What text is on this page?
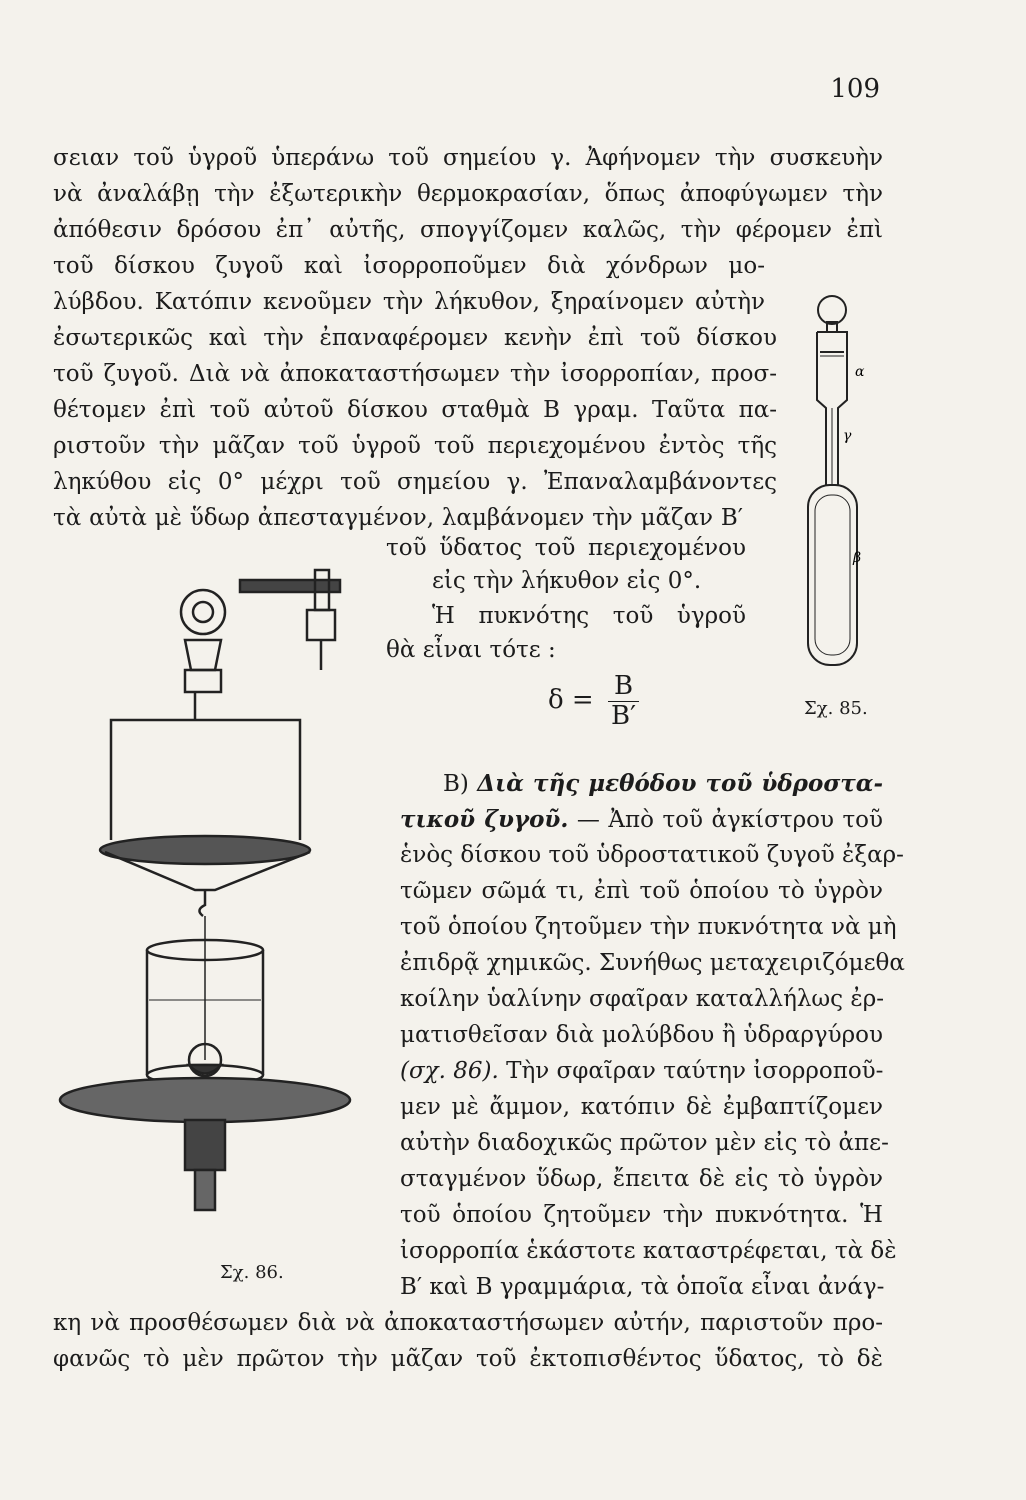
109
σειαν τοῦ ὑγροῦ ὑπεράνω τοῦ σημείου γ. Ἀφήνομεν τὴν συσκευὴν
νὰ ἀναλάβῃ τὴν ἐξωτερικὴν θερμοκρασίαν, ὅπως ἀποφύγωμεν τὴν
ἀπόθεσιν δρόσου ἐπ᾿ αὐτῆς, σπογγίζομεν καλῶς, τὴν φέρομεν ἐπὶ
τοῦ δίσκου ζυγοῦ καὶ ἰσορροποῦμεν διὰ χόνδρων μο-
λύβδου. Κατόπιν κενοῦμεν τὴν λήκυθον, ξηραίνομεν αὐτὴν
ἐσωτερικῶς καὶ τὴν ἐπαναφέρομεν κενὴν ἐπὶ τοῦ δίσκου
τοῦ ζυγοῦ. Διὰ νὰ ἀποκαταστήσωμεν τὴν ἰσορροπίαν, προσ-
θέτομεν ἐπὶ τοῦ αὐτοῦ δίσκου σταθμὰ Β γραμ. Ταῦτα πα-
ριστοῦν τὴν μᾶζαν τοῦ ὑγροῦ τοῦ περιεχομένου ἐντὸς τῆς
ληκύθου εἰς 0° μέχρι τοῦ σημείου γ. Ἐπαναλαμβάνοντες
τὰ αὐτὰ μὲ ὕδωρ ἀπεσταγμένον, λαμβάνομεν τὴν μᾶζαν Β′
τοῦ ὕδατος τοῦ περιεχομένου
εἰς τὴν λήκυθον εἰς 0°.
Ἡ πυκνότης τοῦ ὑγροῦ
θὰ εἶναι τότε :
$\delta = \frac{B}{B'}$
α
γ
β
Σχ. 85.
Σχ. 86.
Β) Διὰ τῆς μεθόδου τοῦ ὑδροστα-
τικοῦ ζυγοῦ. — Ἀπὸ τοῦ ἀγκίστρου τοῦ
ἑνὸς δίσκου τοῦ ὑδροστατικοῦ ζυγοῦ ἐξαρ-
τῶμεν σῶμά τι, ἐπὶ τοῦ ὁποίου τὸ ὑγρὸν
τοῦ ὁποίου ζητοῦμεν τὴν πυκνότητα νὰ μὴ
ἐπιδρᾷ χημικῶς. Συνήθως μεταχειριζόμεθα
κοίλην ὑαλίνην σφαῖραν καταλλήλως ἐρ-
ματισθεῖσαν διὰ μολύβδου ἢ ὑδραργύρου
(σχ. 86). Τὴν σφαῖραν ταύτην ἰσορροποῦ-
μεν μὲ ἄμμον, κατόπιν δὲ ἐμβαπτίζομεν
αὐτὴν διαδοχικῶς πρῶτον μὲν εἰς τὸ ἀπε-
σταγμένον ὕδωρ, ἔπειτα δὲ εἰς τὸ ὑγρὸν
τοῦ ὁποίου ζητοῦμεν τὴν πυκνότητα. Ἡ
ἰσορροπία ἑκάστοτε καταστρέφεται, τὰ δὲ
Β′ καὶ Β γραμμάρια, τὰ ὁποῖα εἶναι ἀνάγ-
κη νὰ προσθέσωμεν διὰ νὰ ἀποκαταστήσωμεν αὐτήν, παριστοῦν προ-
φανῶς τὸ μὲν πρῶτον τὴν μᾶζαν τοῦ ἐκτοπισθέντος ὕδατος, τὸ δὲ
